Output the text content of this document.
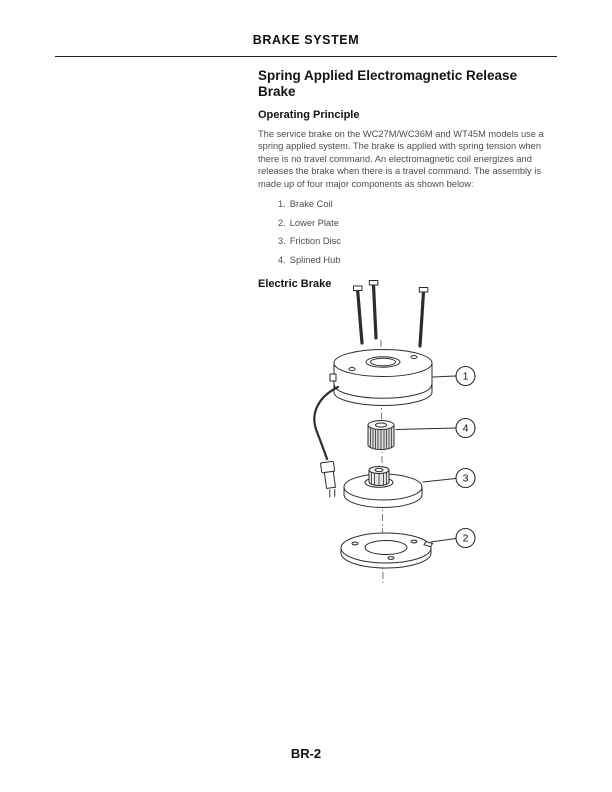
BRAKE SYSTEM
Spring Applied Electromagnetic Release Brake
Operating Principle

The service brake on the WC27M/WC36M and WT45M models use a spring applied system. The brake is applied with spring tension when there is no travel command. An electromagnetic coil energizes and releases the brake when there is a travel command. The assembly is made up of four major components as shown below:

1. Brake Coil
2. Lower Plate
3. Friction Disc
4. Splined Hub
Electric Brake
1
4
3
2
BR-2
